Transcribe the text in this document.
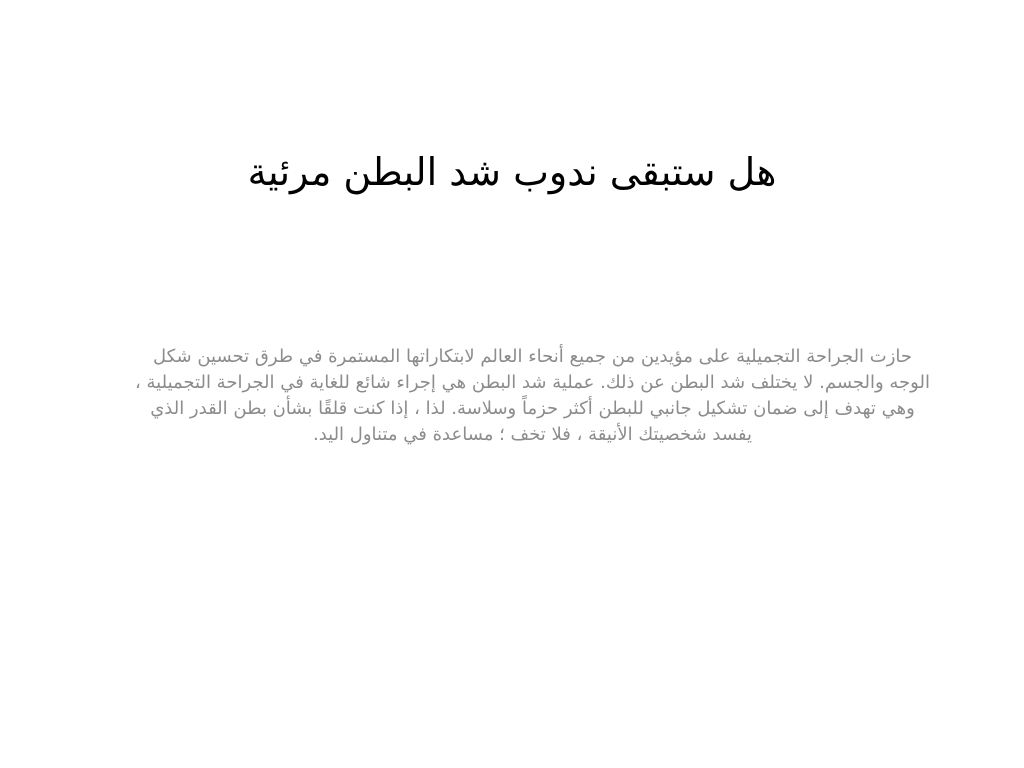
هل ستبقى ندوب شد البطن مرئية

حازت الجراحة التجميلية على مؤيدين من جميع أنحاء العالم لابتكاراتها المستمرة في طرق تحسين شكل الوجه والجسم. لا يختلف شد البطن عن ذلك. عملية شد البطن هي إجراء شائع للغاية في الجراحة التجميلية ، وهي تهدف إلى ضمان تشكيل جانبي للبطن أكثر حزماً وسلاسة. لذا ، إذا كنت قلقًا بشأن بطن القدر الذي يفسد شخصيتك الأنيقة ، فلا تخف ؛ مساعدة في متناول اليد.
